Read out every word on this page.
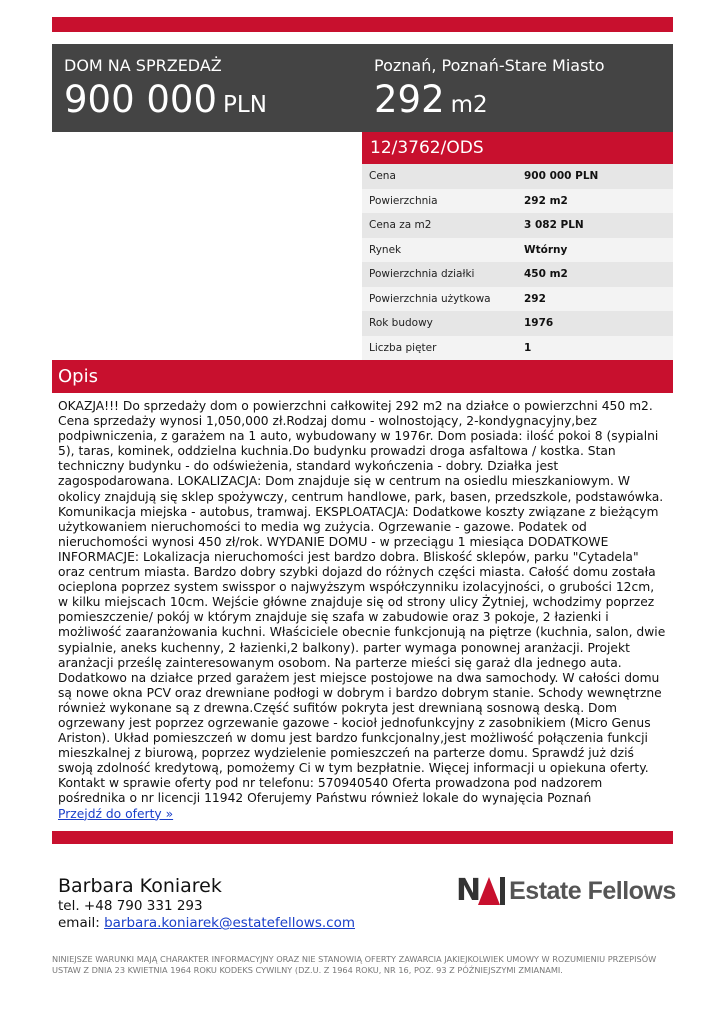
DOM NA SPRZEDAŻ
900 000 PLN
Poznań, Poznań-Stare Miasto
292 m2
12/3762/ODS
Cena	900 000 PLN
Powierzchnia	292 m2
Cena za m2	3 082 PLN
Rynek	Wtórny
Powierzchnia działki	450 m2
Powierzchnia użytkowa	292
Rok budowy	1976
Liczba pięter	1
Opis
OKAZJA!!! Do sprzedaży dom o powierzchni całkowitej 292 m2 na działce o powierzchni 450 m2. Cena sprzedaży wynosi 1,050,000 zł.Rodzaj domu - wolnostojący, 2-kondygnacyjny,bez podpiwniczenia, z garażem na 1 auto, wybudowany w 1976r. Dom posiada: ilość pokoi 8 (sypialni 5), taras, kominek, oddzielna kuchnia.Do budynku prowadzi droga asfaltowa / kostka. Stan techniczny budynku - do odświeżenia, standard wykończenia - dobry. Działka jest zagospodarowana. LOKALIZACJA: Dom znajduje się w centrum na osiedlu mieszkaniowym. W okolicy znajdują się sklep spożywczy, centrum handlowe, park, basen, przedszkole, podstawówka. Komunikacja miejska - autobus, tramwaj. EKSPLOATACJA: Dodatkowe koszty związane z bieżącym użytkowaniem nieruchomości to media wg zużycia. Ogrzewanie - gazowe. Podatek od nieruchomości wynosi 450 zł/rok. WYDANIE DOMU - w przeciągu 1 miesiąca DODATKOWE INFORMACJE: Lokalizacja nieruchomości jest bardzo dobra. Bliskość sklepów, parku "Cytadela" oraz centrum miasta. Bardzo dobry szybki dojazd do różnych części miasta. Całość domu została ocieplona poprzez system swisspor o najwyższym współczynniku izolacyjności, o grubości 12cm, w kilku miejscach 10cm. Wejście główne znajduje się od strony ulicy Żytniej, wchodzimy poprzez pomieszczenie/ pokój w którym znajduje się szafa w zabudowie oraz 3 pokoje, 2 łazienki i możliwość zaaranżowania kuchni. Właściciele obecnie funkcjonują na piętrze (kuchnia, salon, dwie sypialnie, aneks kuchenny, 2 łazienki,2 balkony). parter wymaga ponownej aranżacji. Projekt aranżacji prześlę zainteresowanym osobom. Na parterze mieści się garaż dla jednego auta. Dodatkowo na działce przed garażem jest miejsce postojowe na dwa samochody. W całości domu są nowe okna PCV oraz drewniane podłogi w dobrym i bardzo dobrym stanie. Schody wewnętrzne również wykonane są z drewna.Część sufitów pokryta jest drewnianą sosnową deską. Dom ogrzewany jest poprzez ogrzewanie gazowe - kocioł jednofunkcyjny z zasobnikiem (Micro Genus Ariston). Układ pomieszczeń w domu jest bardzo funkcjonalny,jest możliwość połączenia funkcji mieszkalnej z biurową, poprzez wydzielenie pomieszczeń na parterze domu. Sprawdź już dziś swoją zdolność kredytową, pomożemy Ci w tym bezpłatnie. Więcej informacji u opiekuna oferty. Kontakt w sprawie oferty pod nr telefonu: 570940540 Oferta prowadzona pod nadzorem pośrednika o nr licencji 11942 Oferujemy Państwu również lokale do wynajęcia Poznań
Przejdź do oferty »
Barbara Koniarek
tel. +48 790 331 293
email: barbara.koniarek@estatefellows.com
N Estate Fellows
NINIEJSZE WARUNKI MAJĄ CHARAKTER INFORMACYJNY ORAZ NIE STANOWIĄ OFERTY ZAWARCIA JAKIEJKOLWIEK UMOWY W ROZUMIENIU PRZEPISÓW USTAW Z DNIA 23 KWIETNIA 1964 ROKU KODEKS CYWILNY (DZ.U. Z 1964 ROKU, NR 16, POZ. 93 Z PÓŹNIEJSZYMI ZMIANAMI.
